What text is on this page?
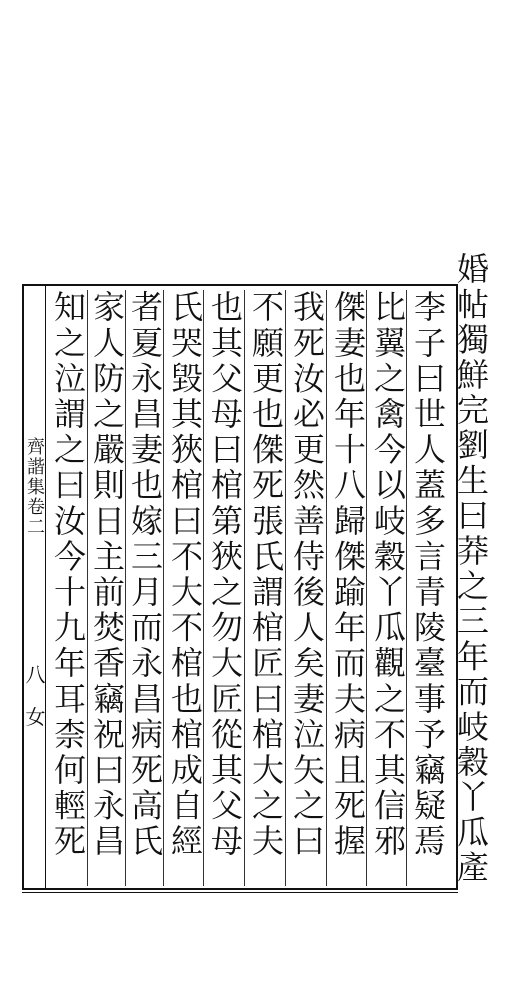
齊諧集卷二
八 女
婚帖獨鮮完劉生曰莽之三年而岐穀丫瓜產
李子曰世人蓋多言青陵臺事予竊疑焉
比翼之禽今以岐穀丫瓜觀之不其信邪
傑妻也年十八歸傑踰年而夫病且死握
我死汝必更然善侍後人矣妻泣矢之曰
不願更也傑死張氏謂棺匠曰棺大之夫
也其父母曰棺第狹之勿大匠從其父母
氏哭毀其狹棺曰不大不棺也棺成自經
者夏永昌妻也嫁三月而永昌病死高氏
家人防之嚴則日主前焚香竊祝曰永昌
知之泣謂之曰汝今十九年耳柰何輕死
